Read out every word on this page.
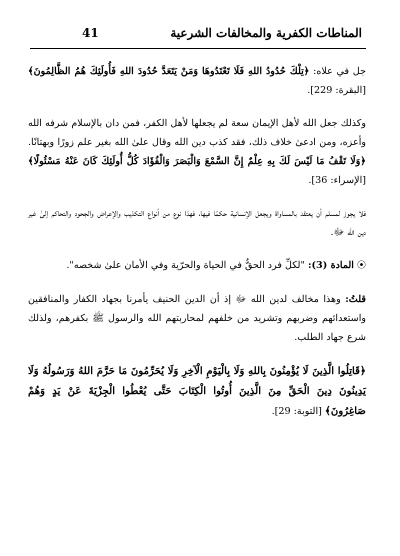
المناطات الكفرية والمخالفات الشرعية
41

جل في علاه: ﴿تِلْكَ حُدُودُ اللهِ فَلَا تَعْتَدُوهَا وَمَنْ يَتَعَدَّ حُدُودَ اللهِ فَأُولَئِكَ هُمُ الظَّالِمُونَ﴾ [البقرة: 229].

وكذلك جعل الله لأهل الإيمان سعة لم يجعلها لأهل الكفر، فمن دان بالإسلام شرفه الله وأعزه، ومن ادعىٰ خلاف ذلك، فقد كذب دين الله وقال علىٰ الله بغير علم زورًا وبهتانًا. ﴿وَلَا تَقْفُ مَا لَيْسَ لَكَ بِهِ عِلْمٌ إِنَّ السَّمْعَ وَالْبَصَرَ وَالْفُؤَادَ كُلُّ أُولَئِكَ كَانَ عَنْهُ مَسْئُولًا﴾ [الإسراء: 36].

فلا يجوز لمسلم أن يعتقد بالمساواة ويجعل الإنسانية حكمًا فيها، فهذا نوع من أنواع التكذيب والإعراض والجحود والتحاكم إلىٰ غير دين الله ﷻ.

⦿المادة (3): "لكلِّ فرد الحقُّ في الحياة والحرّية وفي الأمان علىٰ شخصه".

قلتُ: وهذا مخالف لدين الله ﷻ إذ أن الدين الحنيف يأمرنا بجهاد الكفار والمنافقين واستعدائهم وضربهم وتشريد من خلفهم لمحاربتهم الله والرسول ﷺ بكفرهم، ولذلك شرع جهاد الطلب.

﴿قَاتِلُوا الَّذِينَ لَا يُؤْمِنُونَ بِاللهِ وَلَا بِالْيَوْمِ الْآخِرِ وَلَا يُحَرِّمُونَ مَا حَرَّمَ اللهُ وَرَسُولُهُ وَلَا يَدِينُونَ دِينَ الْحَقِّ مِنَ الَّذِينَ أُوتُوا الْكِتَابَ حَتَّى يُعْطُوا الْجِزْيَةَ عَنْ يَدٍ وَهُمْ صَاغِرُونَ﴾ [التوبة: 29].
